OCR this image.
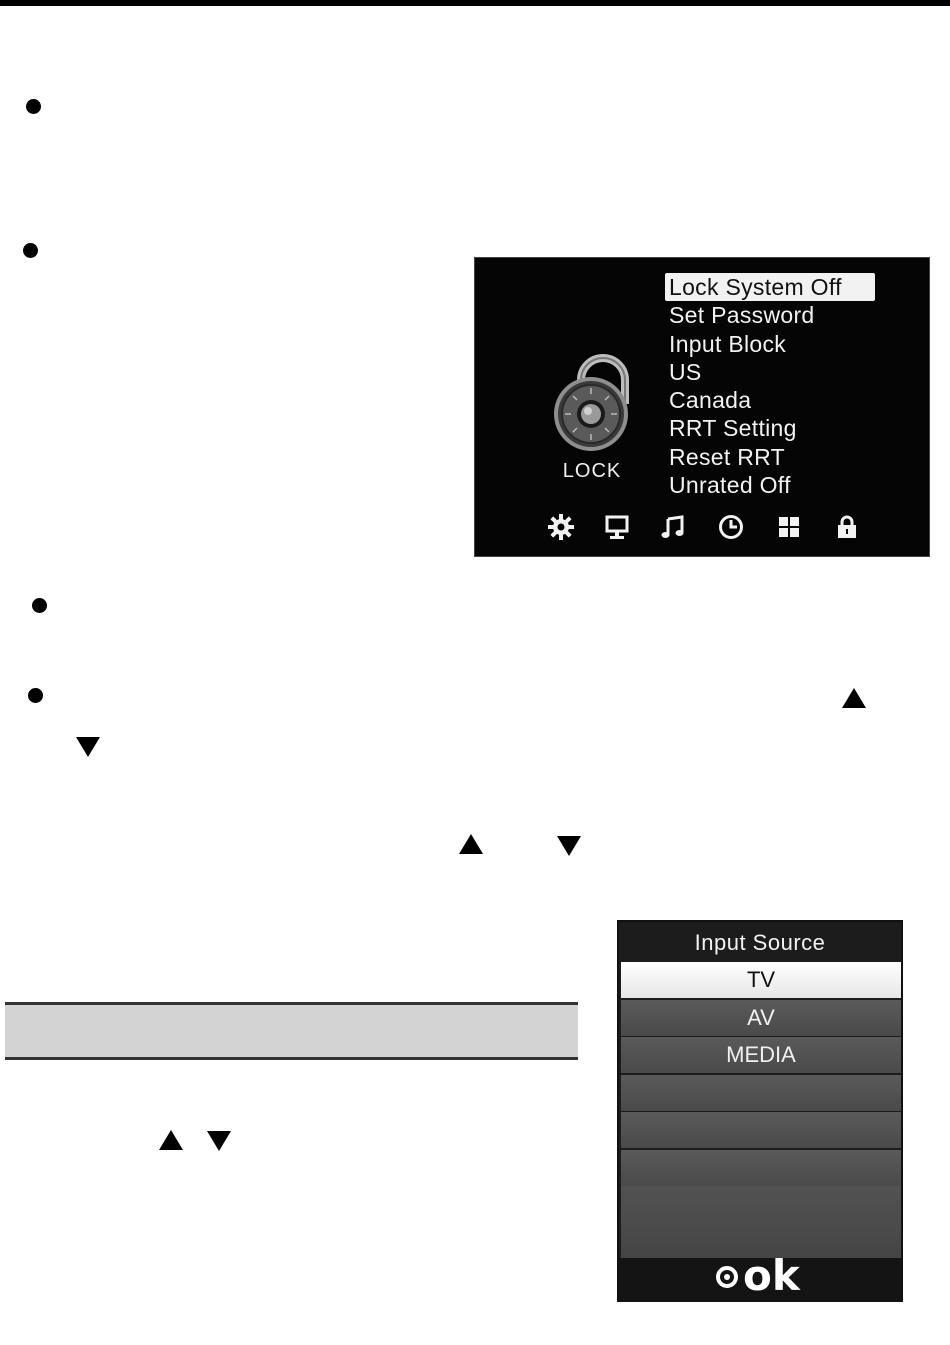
LOCK
Lock System Off
Set Password
Input Block
US
Canada
RRT Setting
Reset RRT
Unrated Off
Input Source
TV
AV
MEDIA
ok
